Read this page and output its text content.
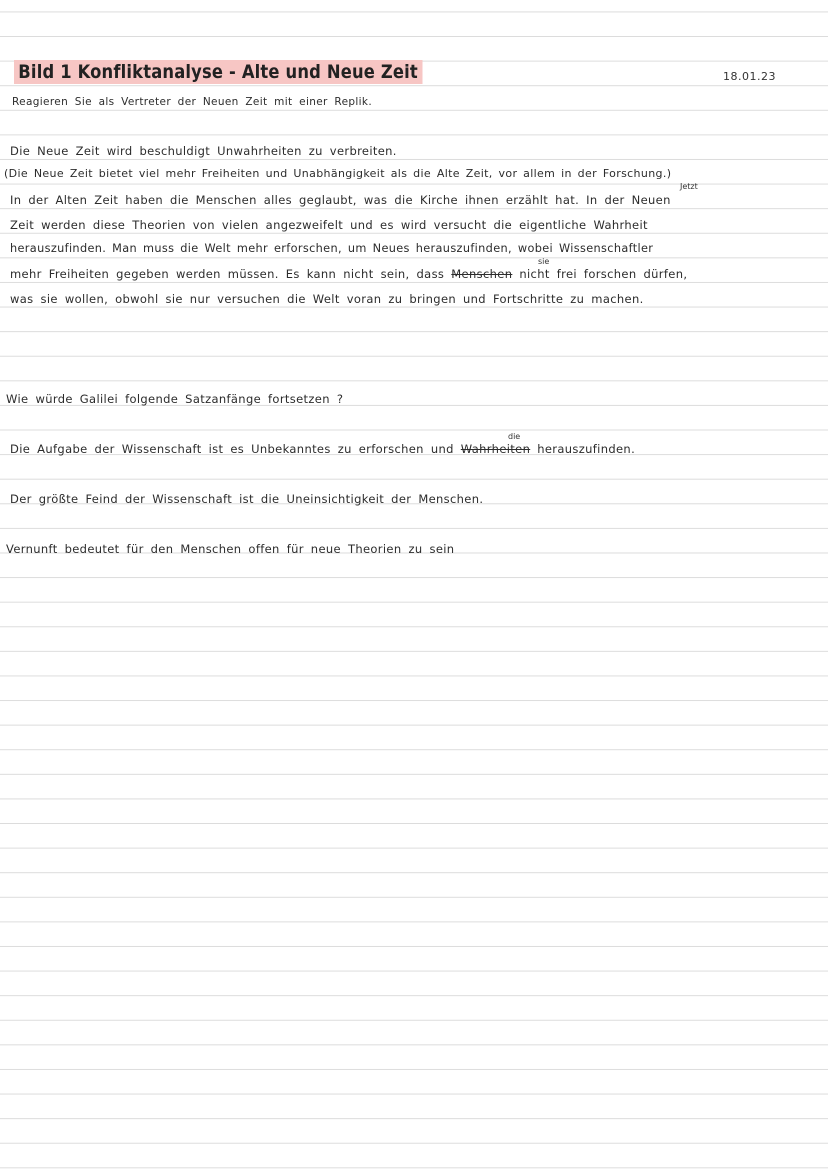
Bild 1 Konfliktanalyse - Alte und Neue Zeit	18.01.23
Reagieren Sie als Vertreter der Neuen Zeit mit einer Replik.
Die Neue Zeit wird beschuldigt Unwahrheiten zu verbreiten.
(Die Neue Zeit bietet viel mehr Freiheiten und Unabhängigkeit als die Alte Zeit, vor allem in der Forschung.)
In der Alten Zeit haben die Menschen alles geglaubt, was die Kirche ihnen erzählt hat. In der Neuen
Jetzt
Zeit werden diese Theorien von vielen angezweifelt und es wird versucht die eigentliche Wahrheit
herauszufinden. Man muss die Welt mehr erforschen, um Neues herauszufinden, wobei Wissenschaftler
mehr Freiheiten gegeben werden müssen. Es kann nicht sein, dass Menschen nicht frei forschen dürfen,
sie
was sie wollen, obwohl sie nur versuchen die Welt voran zu bringen und Fortschritte zu machen.
Wie würde Galilei folgende Satzanfänge fortsetzen ?
Die Aufgabe der Wissenschaft ist es Unbekanntes zu erforschen und Wahrheiten herauszufinden.
die
Der größte Feind der Wissenschaft ist die Uneinsichtigkeit der Menschen.
Vernunft bedeutet für den Menschen offen für neue Theorien zu sein
